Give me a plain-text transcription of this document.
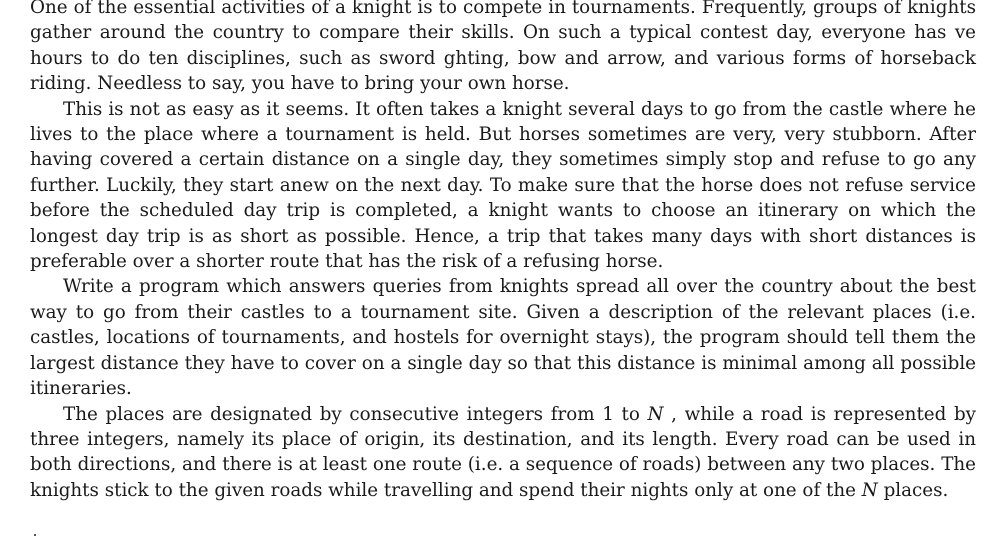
One of the essential activities of a knight is to compete in tournaments. Frequently, groups of knights gather around the country to compare their skills. On such a typical contest day, everyone has ve hours to do ten disciplines, such as sword ghting, bow and arrow, and various forms of horseback riding. Needless to say, you have to bring your own horse.

This is not as easy as it seems. It often takes a knight several days to go from the castle where he lives to the place where a tournament is held. But horses sometimes are very, very stubborn. After having covered a certain distance on a single day, they sometimes simply stop and refuse to go any further. Luckily, they start anew on the next day. To make sure that the horse does not refuse service before the scheduled day trip is completed, a knight wants to choose an itinerary on which the longest day trip is as short as possible. Hence, a trip that takes many days with short distances is preferable over a shorter route that has the risk of a refusing horse.

Write a program which answers queries from knights spread all over the country about the best way to go from their castles to a tournament site. Given a description of the relevant places (i.e. castles, locations of tournaments, and hostels for overnight stays), the program should tell them the largest distance they have to cover on a single day so that this distance is minimal among all possible itineraries.

The places are designated by consecutive integers from 1 to N , while a road is represented by three integers, namely its place of origin, its destination, and its length. Every road can be used in both directions, and there is at least one route (i.e. a sequence of roads) between any two places. The knights stick to the given roads while travelling and spend their nights only at one of the N places.
